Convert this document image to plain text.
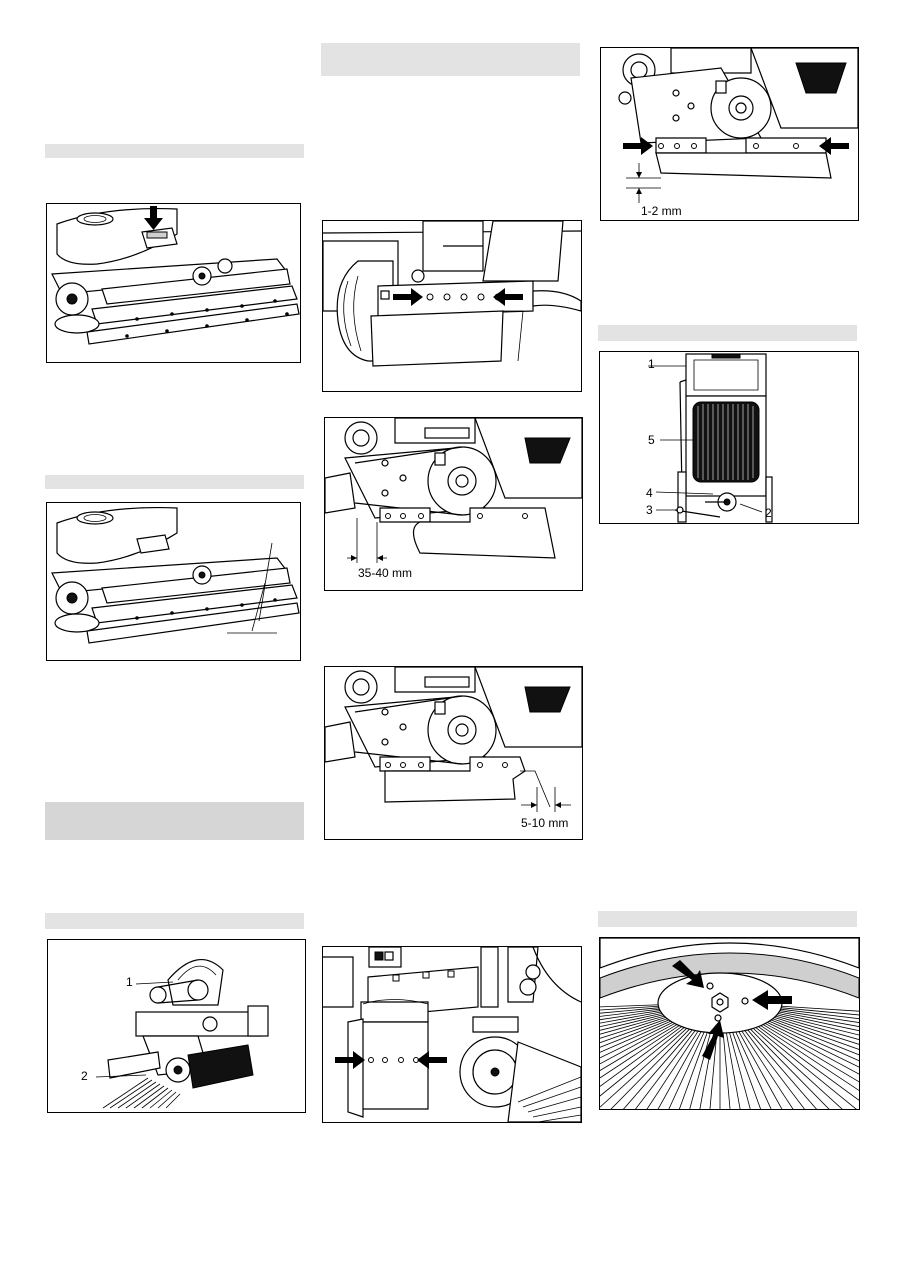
1
2
35-40 mm
5-10 mm
1-2 mm
1
5
4
3	2
